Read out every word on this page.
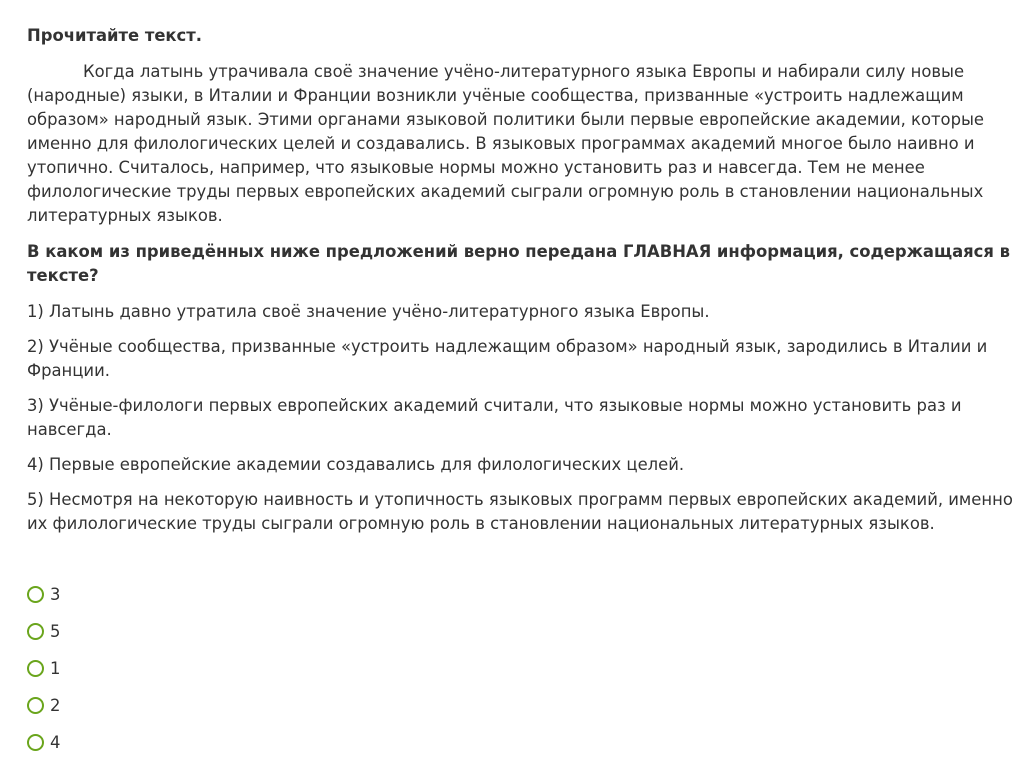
Прочитайте текст.
Когда латынь утрачивала своё значение учёно-литературного языка Европы и набирали силу новые (народные) языки, в Италии и Франции возникли учёные сообщества, призванные «устроить надлежащим образом» народный язык. Этими органами языковой политики были первые европейские академии, которые именно для филологических целей и создавались. В языковых программах академий многое было наивно и утопично. Считалось, например, что языковые нормы можно установить раз и навсегда. Тем не менее филологические труды первых европейских академий сыграли огромную роль в становлении национальных литературных языков.
В каком из приведённых ниже предложений верно передана ГЛАВНАЯ информация, содержащаяся в тексте?
1) Латынь давно утратила своё значение учёно-литературного языка Европы.
2) Учёные сообщества, призванные «устроить надлежащим образом» народный язык, зародились в Италии и Франции.
3) Учёные-филологи первых европейских академий считали, что языковые нормы можно установить раз и навсегда.
4) Первые европейские академии создавались для филологических целей.
5) Несмотря на некоторую наивность и утопичность языковых программ первых европейских академий, именно их филологические труды сыграли огромную роль в становлении национальных литературных языков.
3
5
1
2
4
